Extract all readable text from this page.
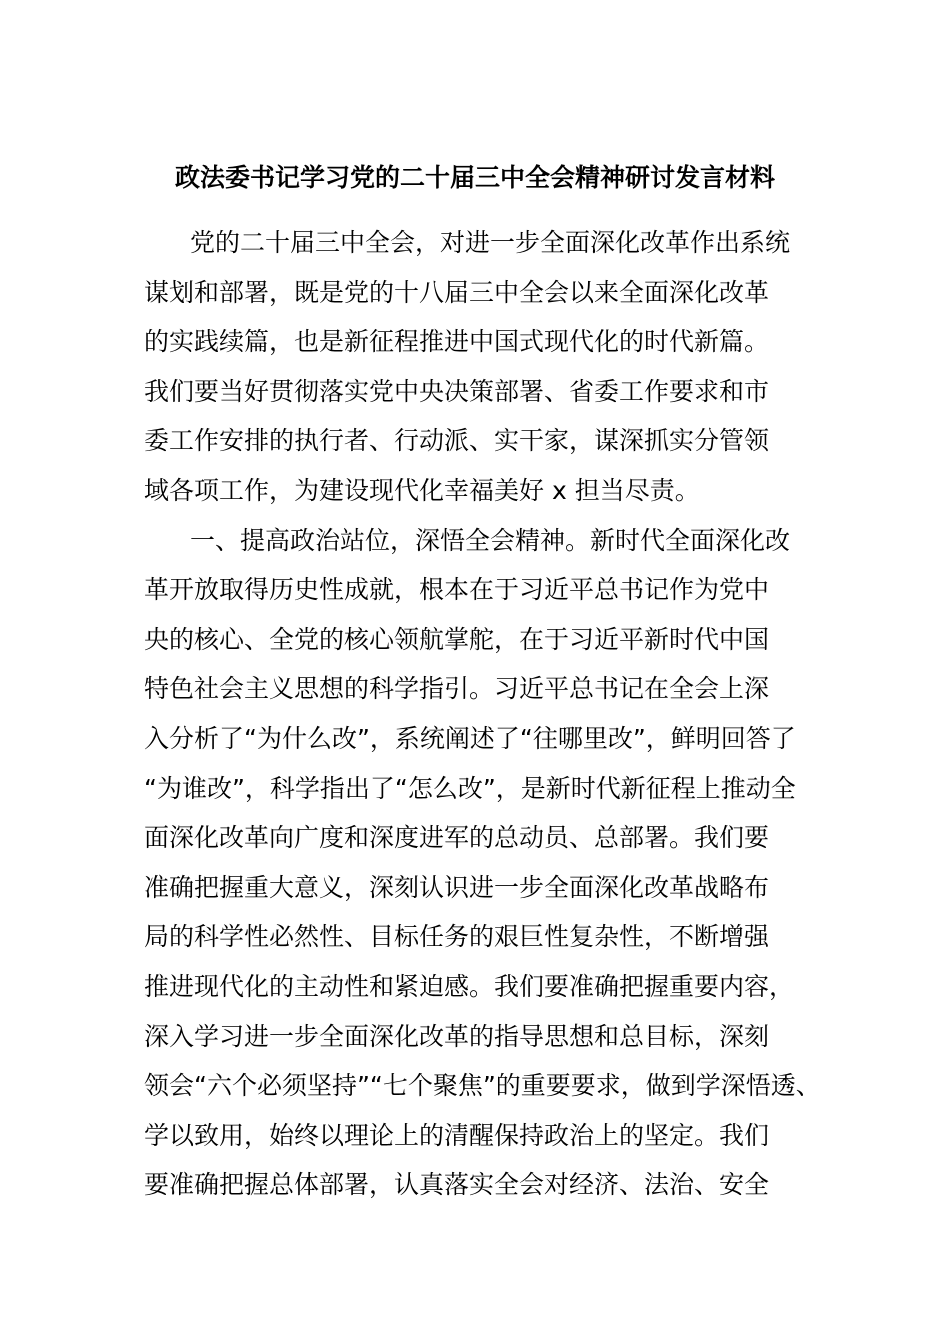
政法委书记学习党的二十届三中全会精神研讨发言材料
党的二十届三中全会，对进一步全面深化改革作出系统
谋划和部署，既是党的十八届三中全会以来全面深化改革
的实践续篇，也是新征程推进中国式现代化的时代新篇。
我们要当好贯彻落实党中央决策部署、省委工作要求和市
委工作安排的执行者、行动派、实干家，谋深抓实分管领
域各项工作，为建设现代化幸福美好 x 担当尽责。
一、提高政治站位，深悟全会精神。新时代全面深化改
革开放取得历史性成就，根本在于习近平总书记作为党中
央的核心、全党的核心领航掌舵，在于习近平新时代中国
特色社会主义思想的科学指引。习近平总书记在全会上深
入分析了“为什么改”，系统阐述了“往哪里改”，鲜明回答了
“为谁改”，科学指出了“怎么改”，是新时代新征程上推动全
面深化改革向广度和深度进军的总动员、总部署。我们要
准确把握重大意义，深刻认识进一步全面深化改革战略布
局的科学性必然性、目标任务的艰巨性复杂性，不断增强
推进现代化的主动性和紧迫感。我们要准确把握重要内容，
深入学习进一步全面深化改革的指导思想和总目标，深刻
领会“六个必须坚持”“七个聚焦”的重要要求，做到学深悟透、
学以致用，始终以理论上的清醒保持政治上的坚定。我们
要准确把握总体部署，认真落实全会对经济、法治、安全
